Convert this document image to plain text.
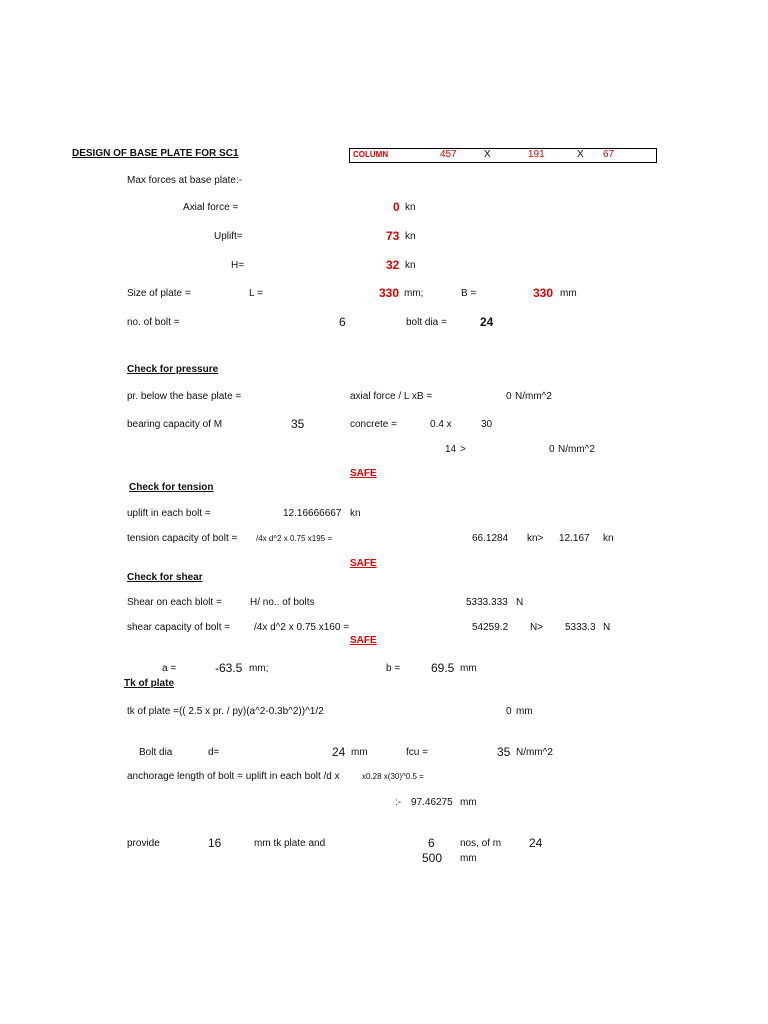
DESIGN OF BASE PLATE FOR SC1	COLUMN	457	X	191	X 67
Max forces at base plate:-
Axial force =	0 kn
Uplift=	73 kn
H=	32 kn
Size of plate =	L =	330 mm;	B =	330 mm
no. of bolt =	6	bolt dia =	24
Check for pressure
pr. below the base plate =	axial force / L xB =	0 N/mm^2
bearing capacity of M	35	concrete =	0.4 x	30
14 >	0 N/mm^2
SAFE
Check for tension
uplift in each bolt =	12.16666667 kn
tension capacity of bolt = /4x d^2 x 0.75 x195 =	66.1284 kn> 12.167 kn
SAFE
Check for shear
Shear on each blolt =	H/ no.. of bolts	5333.333 N
shear capacity of bolt = /4x d^2 x 0.75 x160 =	54259.2 N> 5333.3 N
SAFE
a =	-63.5 mm;	b =	69.5 mm
Tk of plate
tk of plate =(( 2.5 x pr. / py)(a^2-0.3b^2))^1/2	0 mm
Bolt dia	d=	24 mm	fcu =	35 N/mm^2
anchorage length of bolt = uplift in each bolt /d x	x0.28 x(30)^0.5 =
:- 97.46275 mm
provide	16	mm tk plate and	6	nos, of m 24
500 mm
